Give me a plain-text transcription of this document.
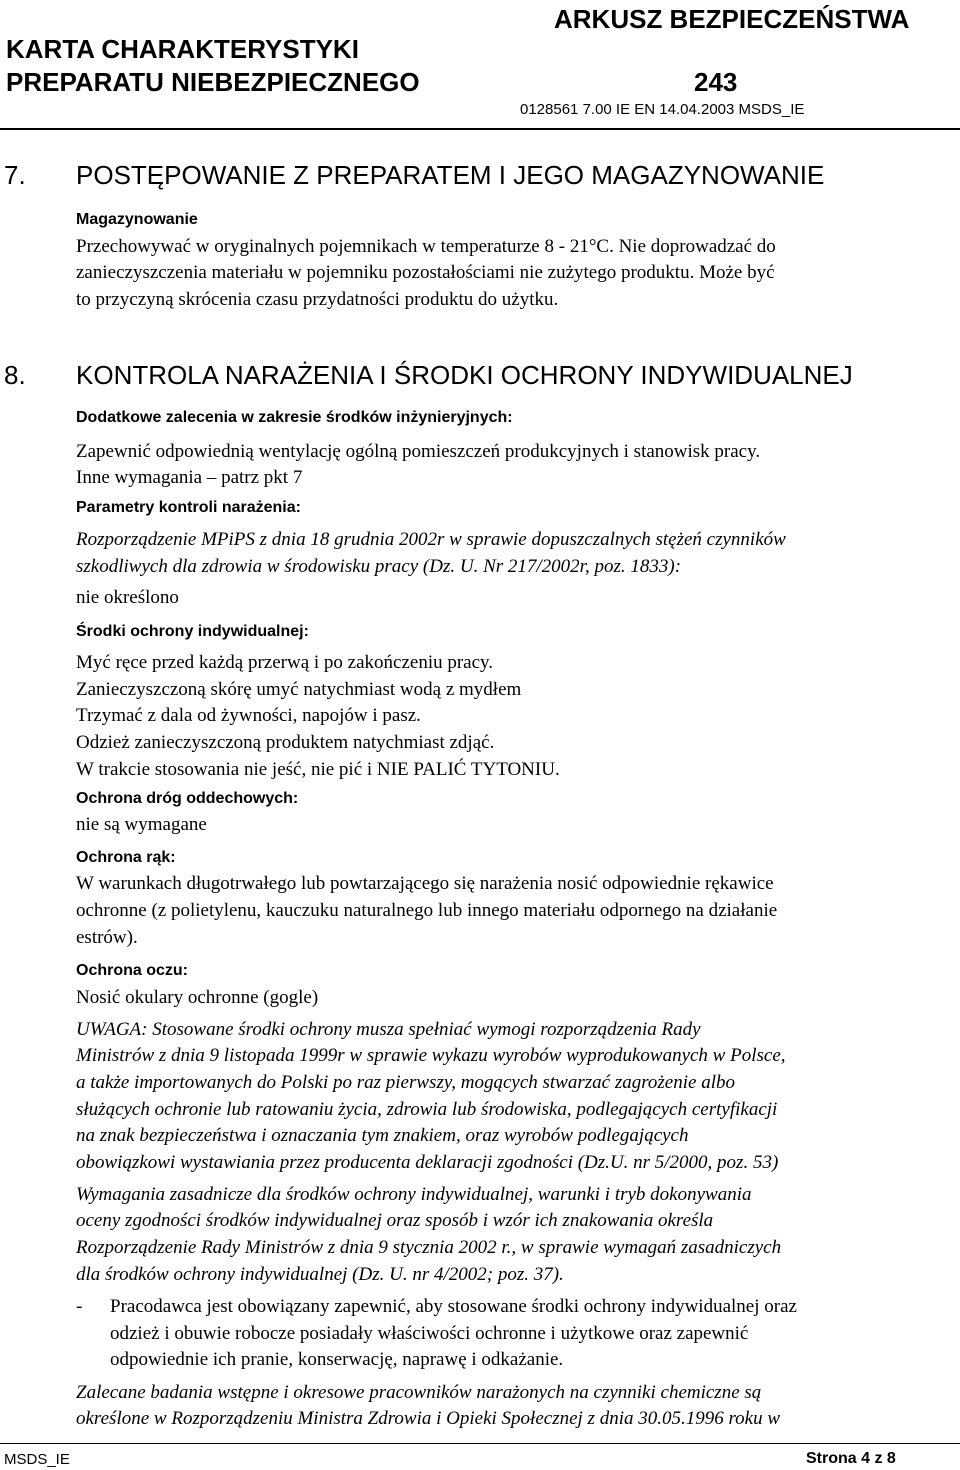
KARTA CHARAKTERYSTYKI
PREPARATU NIEBEZPIECZNEGO
ARKUSZ BEZPIECZEŃSTWA
243
0128561 7.00 IE EN 14.04.2003 MSDS_IE
7. POSTĘPOWANIE Z PREPARATEM I JEGO MAGAZYNOWANIE
Magazynowanie
Przechowywać w oryginalnych pojemnikach w temperaturze 8 - 21°C. Nie doprowadzać do
zanieczyszczenia materiału w pojemniku pozostałościami nie zużytego produktu. Może być
to przyczyną skrócenia czasu przydatności produktu do użytku.
8. KONTROLA NARAŻENIA I ŚRODKI OCHRONY INDYWIDUALNEJ
Dodatkowe zalecenia w zakresie środków inżynieryjnych:
Zapewnić odpowiednią wentylację ogólną pomieszczeń produkcyjnych i stanowisk pracy.
Inne wymagania – patrz pkt 7
Parametry kontroli narażenia:
Rozporządzenie MPiPS z dnia 18 grudnia 2002r w sprawie dopuszczalnych stężeń czynników
szkodliwych dla zdrowia w środowisku pracy (Dz. U. Nr 217/2002r, poz. 1833):
nie określono
Środki ochrony indywidualnej:
Myć ręce przed każdą przerwą i po zakończeniu pracy.
Zanieczyszczoną skórę umyć natychmiast wodą z mydłem
Trzymać z dala od żywności, napojów i pasz.
Odzież zanieczyszczoną produktem natychmiast zdjąć.
W trakcie stosowania nie jeść, nie pić i NIE PALIĆ TYTONIU.
Ochrona dróg oddechowych:
nie są wymagane
Ochrona rąk:
W warunkach długotrwałego lub powtarzającego się narażenia nosić odpowiednie rękawice
ochronne (z polietylenu, kauczuku naturalnego lub innego materiału odpornego na działanie
estrów).
Ochrona oczu:
Nosić okulary ochronne (gogle)
UWAGA: Stosowane środki ochrony musza spełniać wymogi rozporządzenia Rady
Ministrów z dnia 9 listopada 1999r w sprawie wykazu wyrobów wyprodukowanych w Polsce,
a także importowanych do Polski po raz pierwszy, mogących stwarzać zagrożenie albo
służących ochronie lub ratowaniu życia, zdrowia lub środowiska, podlegających certyfikacji
na znak bezpieczeństwa i oznaczania tym znakiem, oraz wyrobów podlegających
obowiązkowi wystawiania przez producenta deklaracji zgodności (Dz.U. nr 5/2000, poz. 53)
Wymagania zasadnicze dla środków ochrony indywidualnej, warunki i tryb dokonywania
oceny zgodności środków indywidualnej oraz sposób i wzór ich znakowania określa
Rozporządzenie Rady Ministrów z dnia 9 stycznia 2002 r., w sprawie wymagań zasadniczych
dla środków ochrony indywidualnej (Dz. U. nr 4/2002; poz. 37).
- Pracodawca jest obowiązany zapewnić, aby stosowane środki ochrony indywidualnej oraz
odzież i obuwie robocze posiadały właściwości ochronne i użytkowe oraz zapewnić
odpowiednie ich pranie, konserwację, naprawę i odkażanie.
Zalecane badania wstępne i okresowe pracowników narażonych na czynniki chemiczne są
określone w Rozporządzeniu Ministra Zdrowia i Opieki Społecznej z dnia 30.05.1996 roku w
MSDS_IE	Strona 4 z 8
